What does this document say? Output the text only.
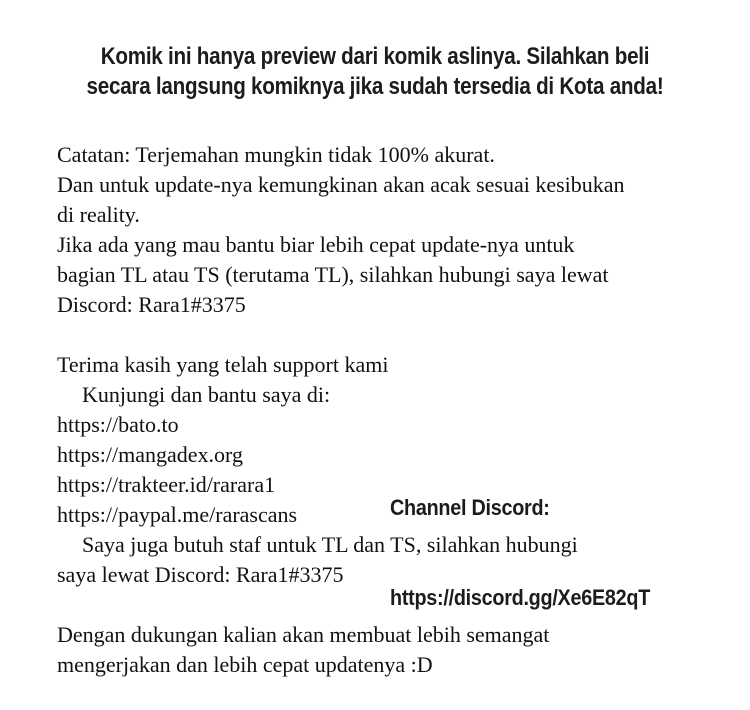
Komik ini hanya preview dari komik aslinya. Silahkan beli
secara langsung komiknya jika sudah tersedia di Kota anda!
Catatan: Terjemahan mungkin tidak 100% akurat.
Dan untuk update-nya kemungkinan akan acak sesuai kesibukan
di reality.
Jika ada yang mau bantu biar lebih cepat update-nya untuk
bagian TL atau TS (terutama TL), silahkan hubungi saya lewat
Discord: Rara1#3375
Terima kasih yang telah support kami
Kunjungi dan bantu saya di:
https://bato.to
https://mangadex.org
https://trakteer.id/rarara1
https://paypal.me/rarascans
Saya juga butuh staf untuk TL dan TS, silahkan hubungi
saya lewat Discord: Rara1#3375
Dengan dukungan kalian akan membuat lebih semangat
mengerjakan dan lebih cepat updatenya :D

Channel Discord:

https://discord.gg/Xe6E82qT
